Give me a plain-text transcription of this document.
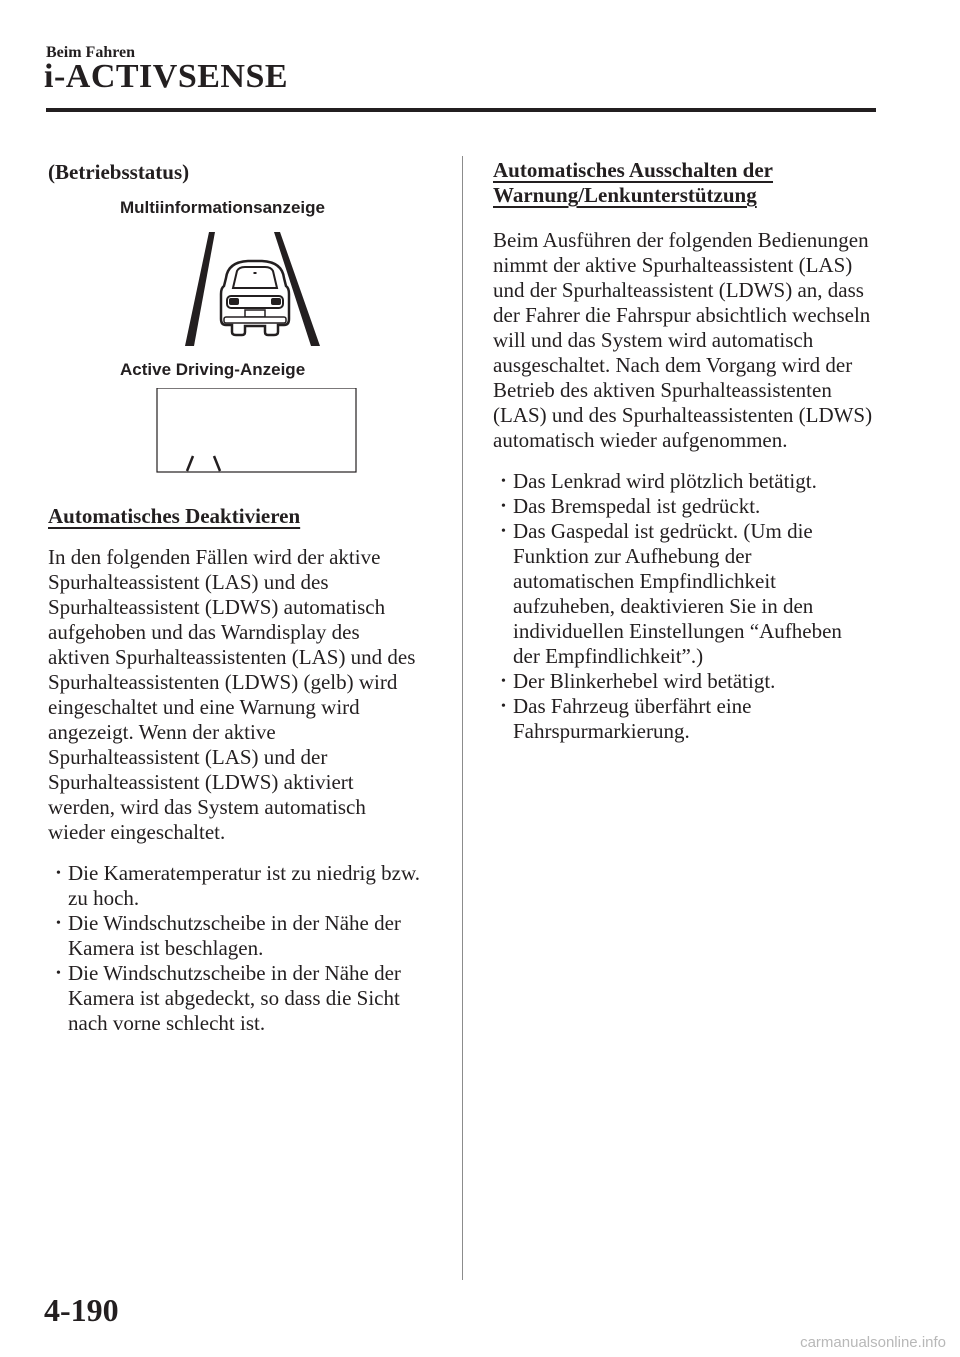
Beim Fahren
i-ACTIVSENSE

(Betriebsstatus)

Multiinformationsanzeige
Active Driving-Anzeige

Automatisches Deaktivieren

In den folgenden Fällen wird der aktive Spurhalteassistent (LAS) und des Spurhalteassistent (LDWS) automatisch aufgehoben und das Warndisplay des aktiven Spurhalteassistenten (LAS) und des Spurhalteassistenten (LDWS) (gelb) wird eingeschaltet und eine Warnung wird angezeigt. Wenn der aktive Spurhalteassistent (LAS) und der Spurhalteassistent (LDWS) aktiviert werden, wird das System automatisch wieder eingeschaltet.

• Die Kameratemperatur ist zu niedrig bzw. zu hoch.
• Die Windschutzscheibe in der Nähe der Kamera ist beschlagen.
• Die Windschutzscheibe in der Nähe der Kamera ist abgedeckt, so dass die Sicht nach vorne schlecht ist.

Automatisches Ausschalten der
Warnung/Lenkunterstützung

Beim Ausführen der folgenden Bedienungen nimmt der aktive Spurhalteassistent (LAS) und der Spurhalteassistent (LDWS) an, dass der Fahrer die Fahrspur absichtlich wechseln will und das System wird automatisch ausgeschaltet. Nach dem Vorgang wird der Betrieb des aktiven Spurhalteassistenten (LAS) und des Spurhalteassistenten (LDWS) automatisch wieder aufgenommen.

• Das Lenkrad wird plötzlich betätigt.
• Das Bremspedal ist gedrückt.
• Das Gaspedal ist gedrückt. (Um die Funktion zur Aufhebung der automatischen Empfindlichkeit aufzuheben, deaktivieren Sie in den individuellen Einstellungen “Aufheben der Empfindlichkeit”.)
• Der Blinkerhebel wird betätigt.
• Das Fahrzeug überfährt eine Fahrspurmarkierung.
4-190
carmanualsonline.info
